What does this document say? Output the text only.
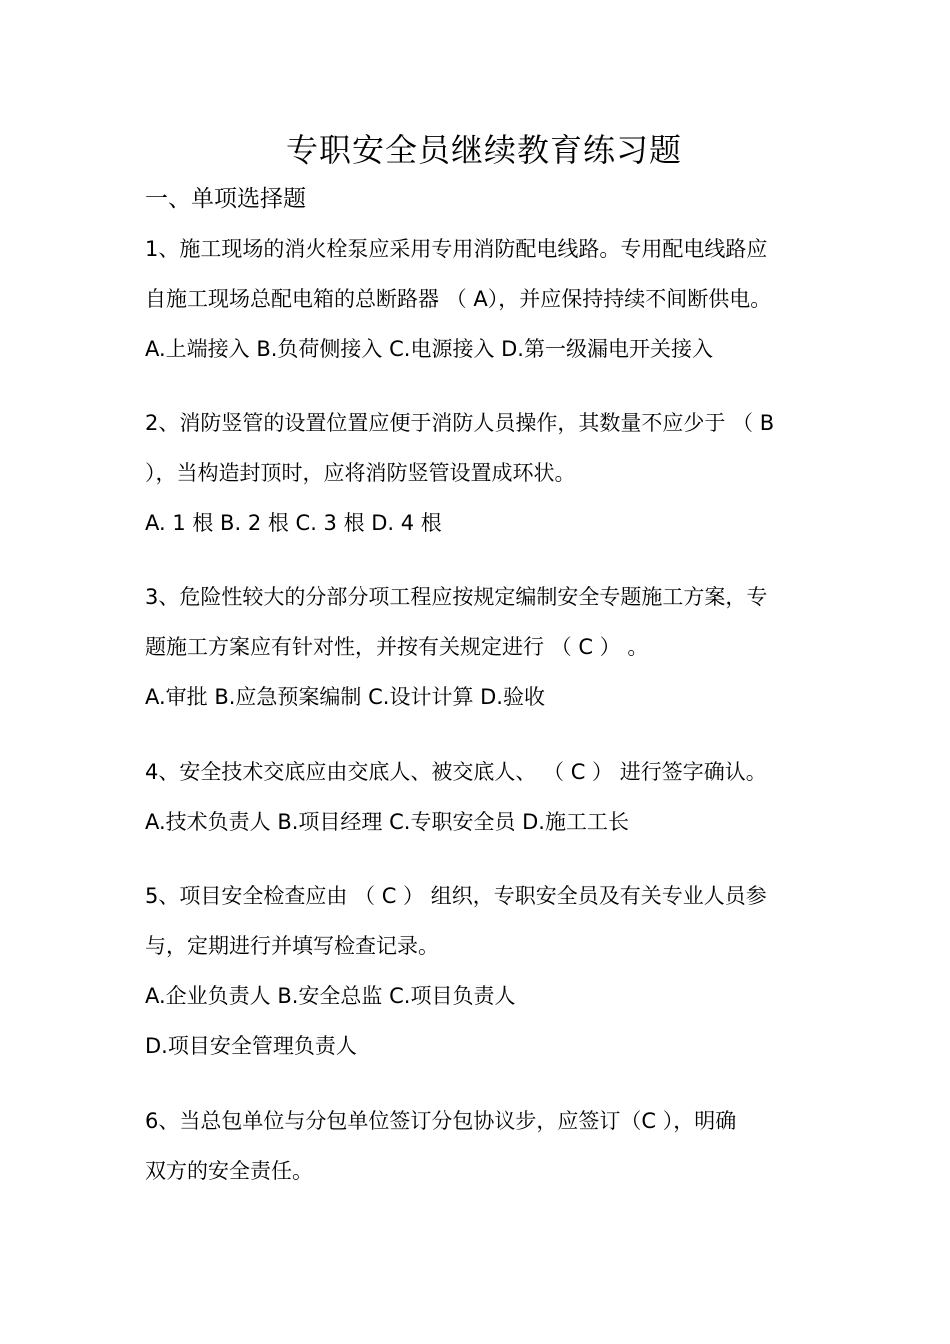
专职安全员继续教育练习题

一、单项选择题

1、施工现场的消火栓泵应采用专用消防配电线路。专用配电线路应

自施工现场总配电箱的总断路器 （ A），并应保持持续不间断供电。

A.上端接入 B.负荷侧接入 C.电源接入 D.第一级漏电开关接入

2、消防竖管的设置位置应便于消防人员操作，其数量不应少于 （ B

），当构造封顶时，应将消防竖管设置成环状。

A. 1 根 B. 2 根 C. 3 根 D. 4 根

3、危险性较大的分部分项工程应按规定编制安全专题施工方案，专

题施工方案应有针对性，并按有关规定进行 （ C ） 。

A.审批 B.应急预案编制 C.设计计算 D.验收

4、安全技术交底应由交底人、被交底人、 （ C ） 进行签字确认。

A.技术负责人 B.项目经理 C.专职安全员 D.施工工长

5、项目安全检查应由 （ C ） 组织，专职安全员及有关专业人员参

与，定期进行并填写检查记录。

A.企业负责人 B.安全总监 C.项目负责人

D.项目安全管理负责人

6、当总包单位与分包单位签订分包协议步，应签订（C ），明确

双方的安全责任。
